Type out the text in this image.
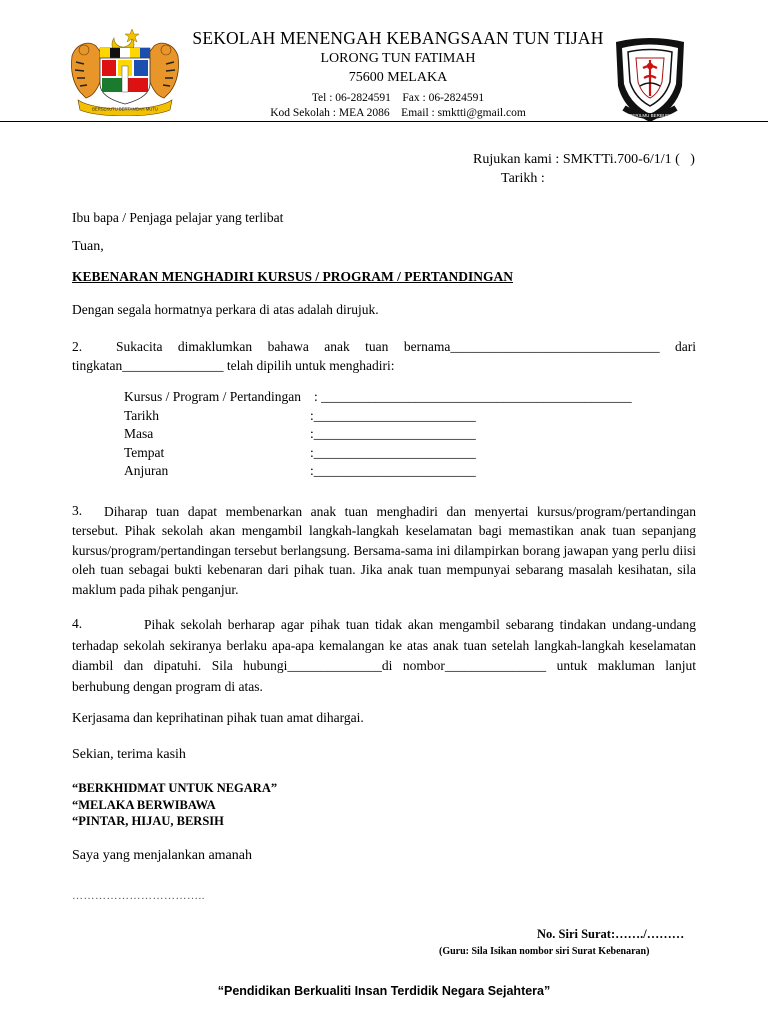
BERSEKUTU BERTAMBAH MUTU
SEKOLAH MENENGAH KEBANGSAAN TUN TIJAH
LORONG TUN FATIMAH
75600 MELAKA
Tel : 06-2824591    Fax : 06-2824591
Kod Sekolah : MEA 2086    Email : smktti@gmail.com	BERILMU BERBUDI
Rujukan kami : SMKTTi.700-6/1/1 (   )
Tarikh :
Ibu bapa / Penjaga pelajar yang terlibat
Tuan,
KEBENARAN MENGHADIRI KURSUS / PROGRAM / PERTANDINGAN
Dengan segala hormatnya perkara di atas adalah dirujuk.
2.	Sukacita dimaklumkan bahawa anak tuan bernama_______________________________ dari tingkatan_______________ telah dipilih untuk menghadiri:
Kursus / Program / Pertandingan : ______________________________________________
Tarikh	:________________________
Masa	:________________________
Tempat	:________________________
Anjuran	:________________________
3.	Diharap tuan dapat membenarkan anak tuan menghadiri dan menyertai kursus/program/pertandingan tersebut. Pihak sekolah akan mengambil langkah-langkah keselamatan bagi memastikan anak tuan sepanjang kursus/program/pertandingan tersebut berlangsung. Bersama-sama ini dilampirkan borang jawapan yang perlu diisi oleh tuan sebagai bukti kebenaran dari pihak tuan. Jika anak tuan mempunyai sebarang masalah kesihatan, sila maklum pada pihak penganjur.
4.	Pihak sekolah berharap agar pihak tuan tidak akan mengambil sebarang tindakan undang-undang terhadap sekolah sekiranya berlaku apa-apa kemalangan ke atas anak tuan setelah langkah-langkah keselamatan diambil dan dipatuhi. Sila hubungi______________di nombor_______________ untuk makluman lanjut berhubung dengan program di atas.
Kerjasama dan keprihatinan pihak tuan amat dihargai.
Sekian, terima kasih
“BERKHIDMAT UNTUK NEGARA”
“MELAKA BERWIBAWA
“PINTAR, HIJAU, BERSIH
Saya yang menjalankan amanah
……………………………..
No. Siri Surat:……./………
(Guru: Sila Isikan nombor siri Surat Kebenaran)
“Pendidikan Berkualiti Insan Terdidik Negara Sejahtera”
